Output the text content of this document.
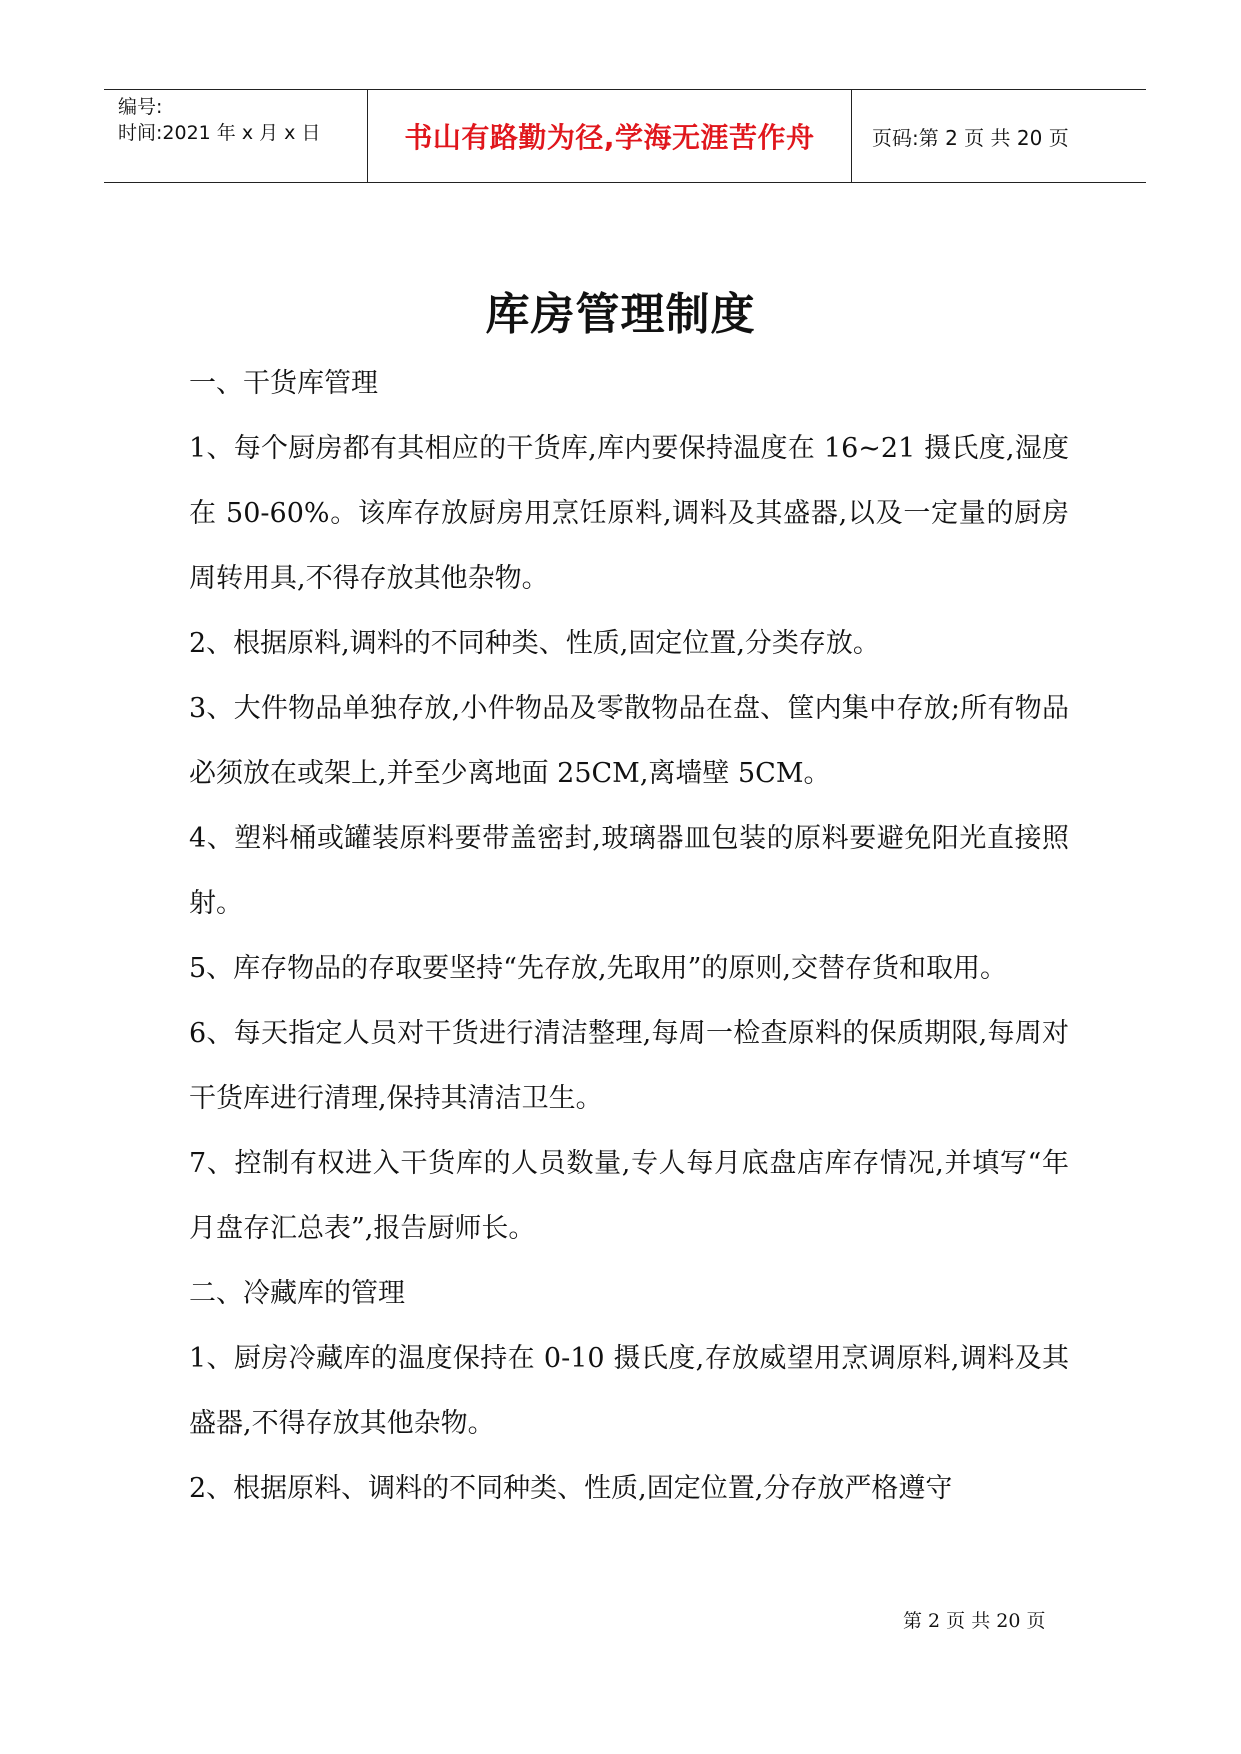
编号:
时间:2021 年 x 月 x 日	书山有路勤为径,学海无涯苦作舟	页码:第 2 页 共 20 页
库房管理制度

一、干货库管理

1、每个厨房都有其相应的干货库,库内要保持温度在 16~21 摄氏度,湿度在 50-60%。该库存放厨房用烹饪原料,调料及其盛器,以及一定量的厨房周转用具,不得存放其他杂物。

2、根据原料,调料的不同种类、性质,固定位置,分类存放。

3、大件物品单独存放,小件物品及零散物品在盘、筐内集中存放;所有物品必须放在或架上,并至少离地面 25CM,离墙壁 5CM。

4、塑料桶或罐装原料要带盖密封,玻璃器皿包装的原料要避免阳光直接照射。

5、库存物品的存取要坚持“先存放,先取用”的原则,交替存货和取用。

6、每天指定人员对干货进行清洁整理,每周一检查原料的保质期限,每周对干货库进行清理,保持其清洁卫生。

7、控制有权进入干货库的人员数量,专人每月底盘店库存情况,并填写“年月盘存汇总表”,报告厨师长。

二、冷藏库的管理

1、厨房冷藏库的温度保持在 0-10 摄氏度,存放威望用烹调原料,调料及其盛器,不得存放其他杂物。

2、根据原料、调料的不同种类、性质,固定位置,分存放严格遵守

第 2 页 共 20 页
